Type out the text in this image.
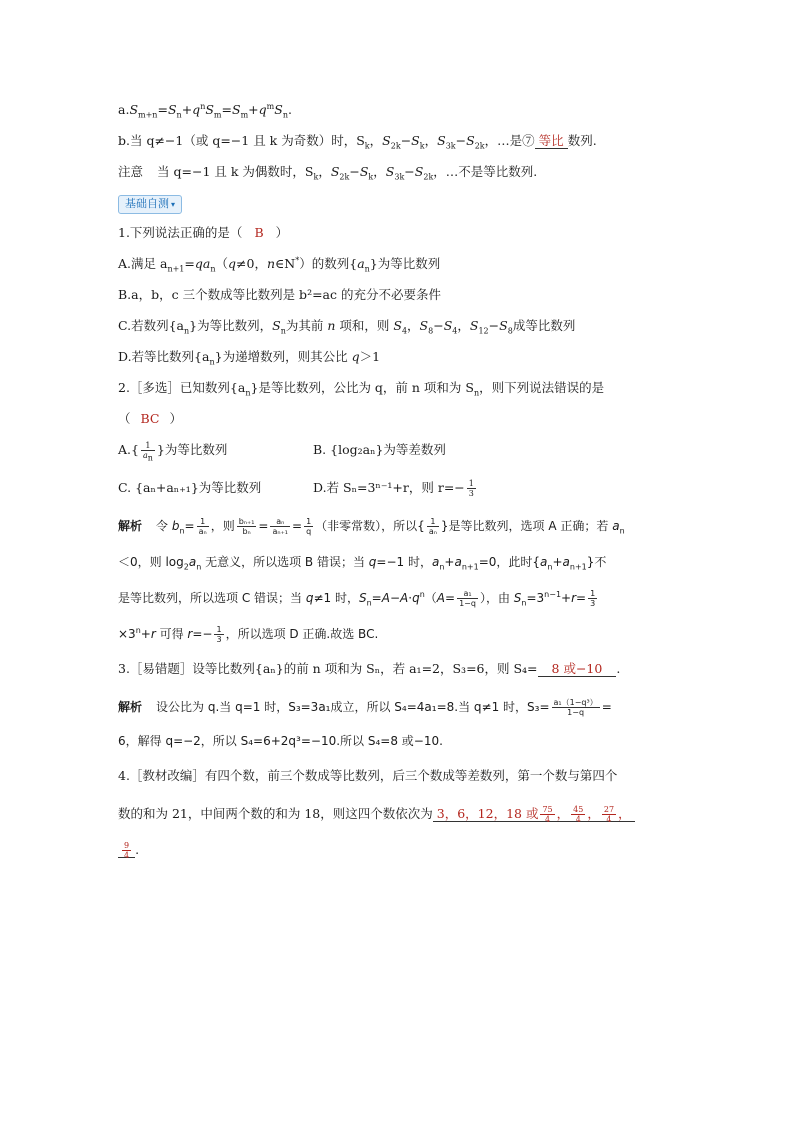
$a.S_{m+n}=S_n+q^nS_m=S_m+q^mS_n$.
b.当 q≠−1（或 q=−1 且 k 为奇数）时，$S_k$，$S_{2k}-S_k$，$S_{3k}-S_{2k}$，…是⑦ 等比 数列.
注意 当 q=−1 且 k 为偶数时，$S_k$，$S_{2k}-S_k$，$S_{3k}-S_{2k}$，…不是等比数列.
基础自测 ▾
1.下列说法正确的是（ B ）
A.满足 $a_{n+1}=qa_n(q\ne 0$，n∈N*）的数列$\{a_n\}$为等比数列
B.a，b，c 三个数成等比数列是 b²=ac 的充分不必要条件
C.若数列$\{a_n\}$为等比数列，$S_n$为其前 n 项和，则 $S_4$，$S_8-S_4$，$S_{12}-S_8$成等比数列
D.若等比数列$\{a_n\}$为递增数列，则其公比 q＞1
2.［多选］已知数列$\{a_n\}$是等比数列，公比为 q，前 n 项和为 $S_n$，则下列说法错误的是
（ BC ）
$A.\{ \frac{1}{a_n}$ }为等比数列	B. {log₂aₙ}为等差数列
C. {aₙ+aₙ₊₁}为等比数列	D.若 Sₙ=3ⁿ⁻¹+r，则 $r=- \frac{1}{3}$
解析 令 $b_n= \frac{1}{\text{aₙ}}$ ，则 $\frac{\text{bₙ₊₁}}{\text{bₙ}} = \frac{\text{aₙ}}{\text{aₙ₊₁}} = \frac{1}{q}$ （非零常数），所以{ $\frac{1}{\text{aₙ}}$ }是等比数列，选项 A 正确；若 $a_n$
＜0，则 $\log_2a_n$ 无意义，所以选项 B 错误；当 q=−1 时，$a_n+a_{n+1}=0$，此时$\{a_n+a_{n+1}\}$不
是等比数列，所以选项 C 错误；当 q≠1 时，$S_n=A-A\cdot q^n(A= \frac{\text{a₁}}{1-q}$ ），由 $S_n=3^{n-1}+r= \frac{1}{3}$
$\times 3^n+r$ 可得 $r=- \frac{1}{3}$ ，所以选项 D 正确.故选 BC.
3.［易错题］设等比数列{aₙ}的前 n 项和为 Sₙ，若 a₁=2，S₃=6，则 S₄= 8 或−10 .
解析 设公比为 q.当 q=1 时，S₃=3a₁成立，所以 S₄=4a₁=8.当 q≠1 时，$S_3= \frac{\text{a₁（1−q³）}}{1-q}$ =
6，解得 q=−2，所以 S₄=6+2q³=−10.所以 S₄=8 或−10.
4.［教材改编］有四个数，前三个数成等比数列，后三个数成等差数列，第一个数与第四个
数的和为 21，中间两个数的和为 18，则这四个数依次为 3，6，12，18 或 $\frac{75}{4}$ ， $\frac{45}{4}$ ， $\frac{27}{4}$ ，
$\frac{9}{4}$ .
